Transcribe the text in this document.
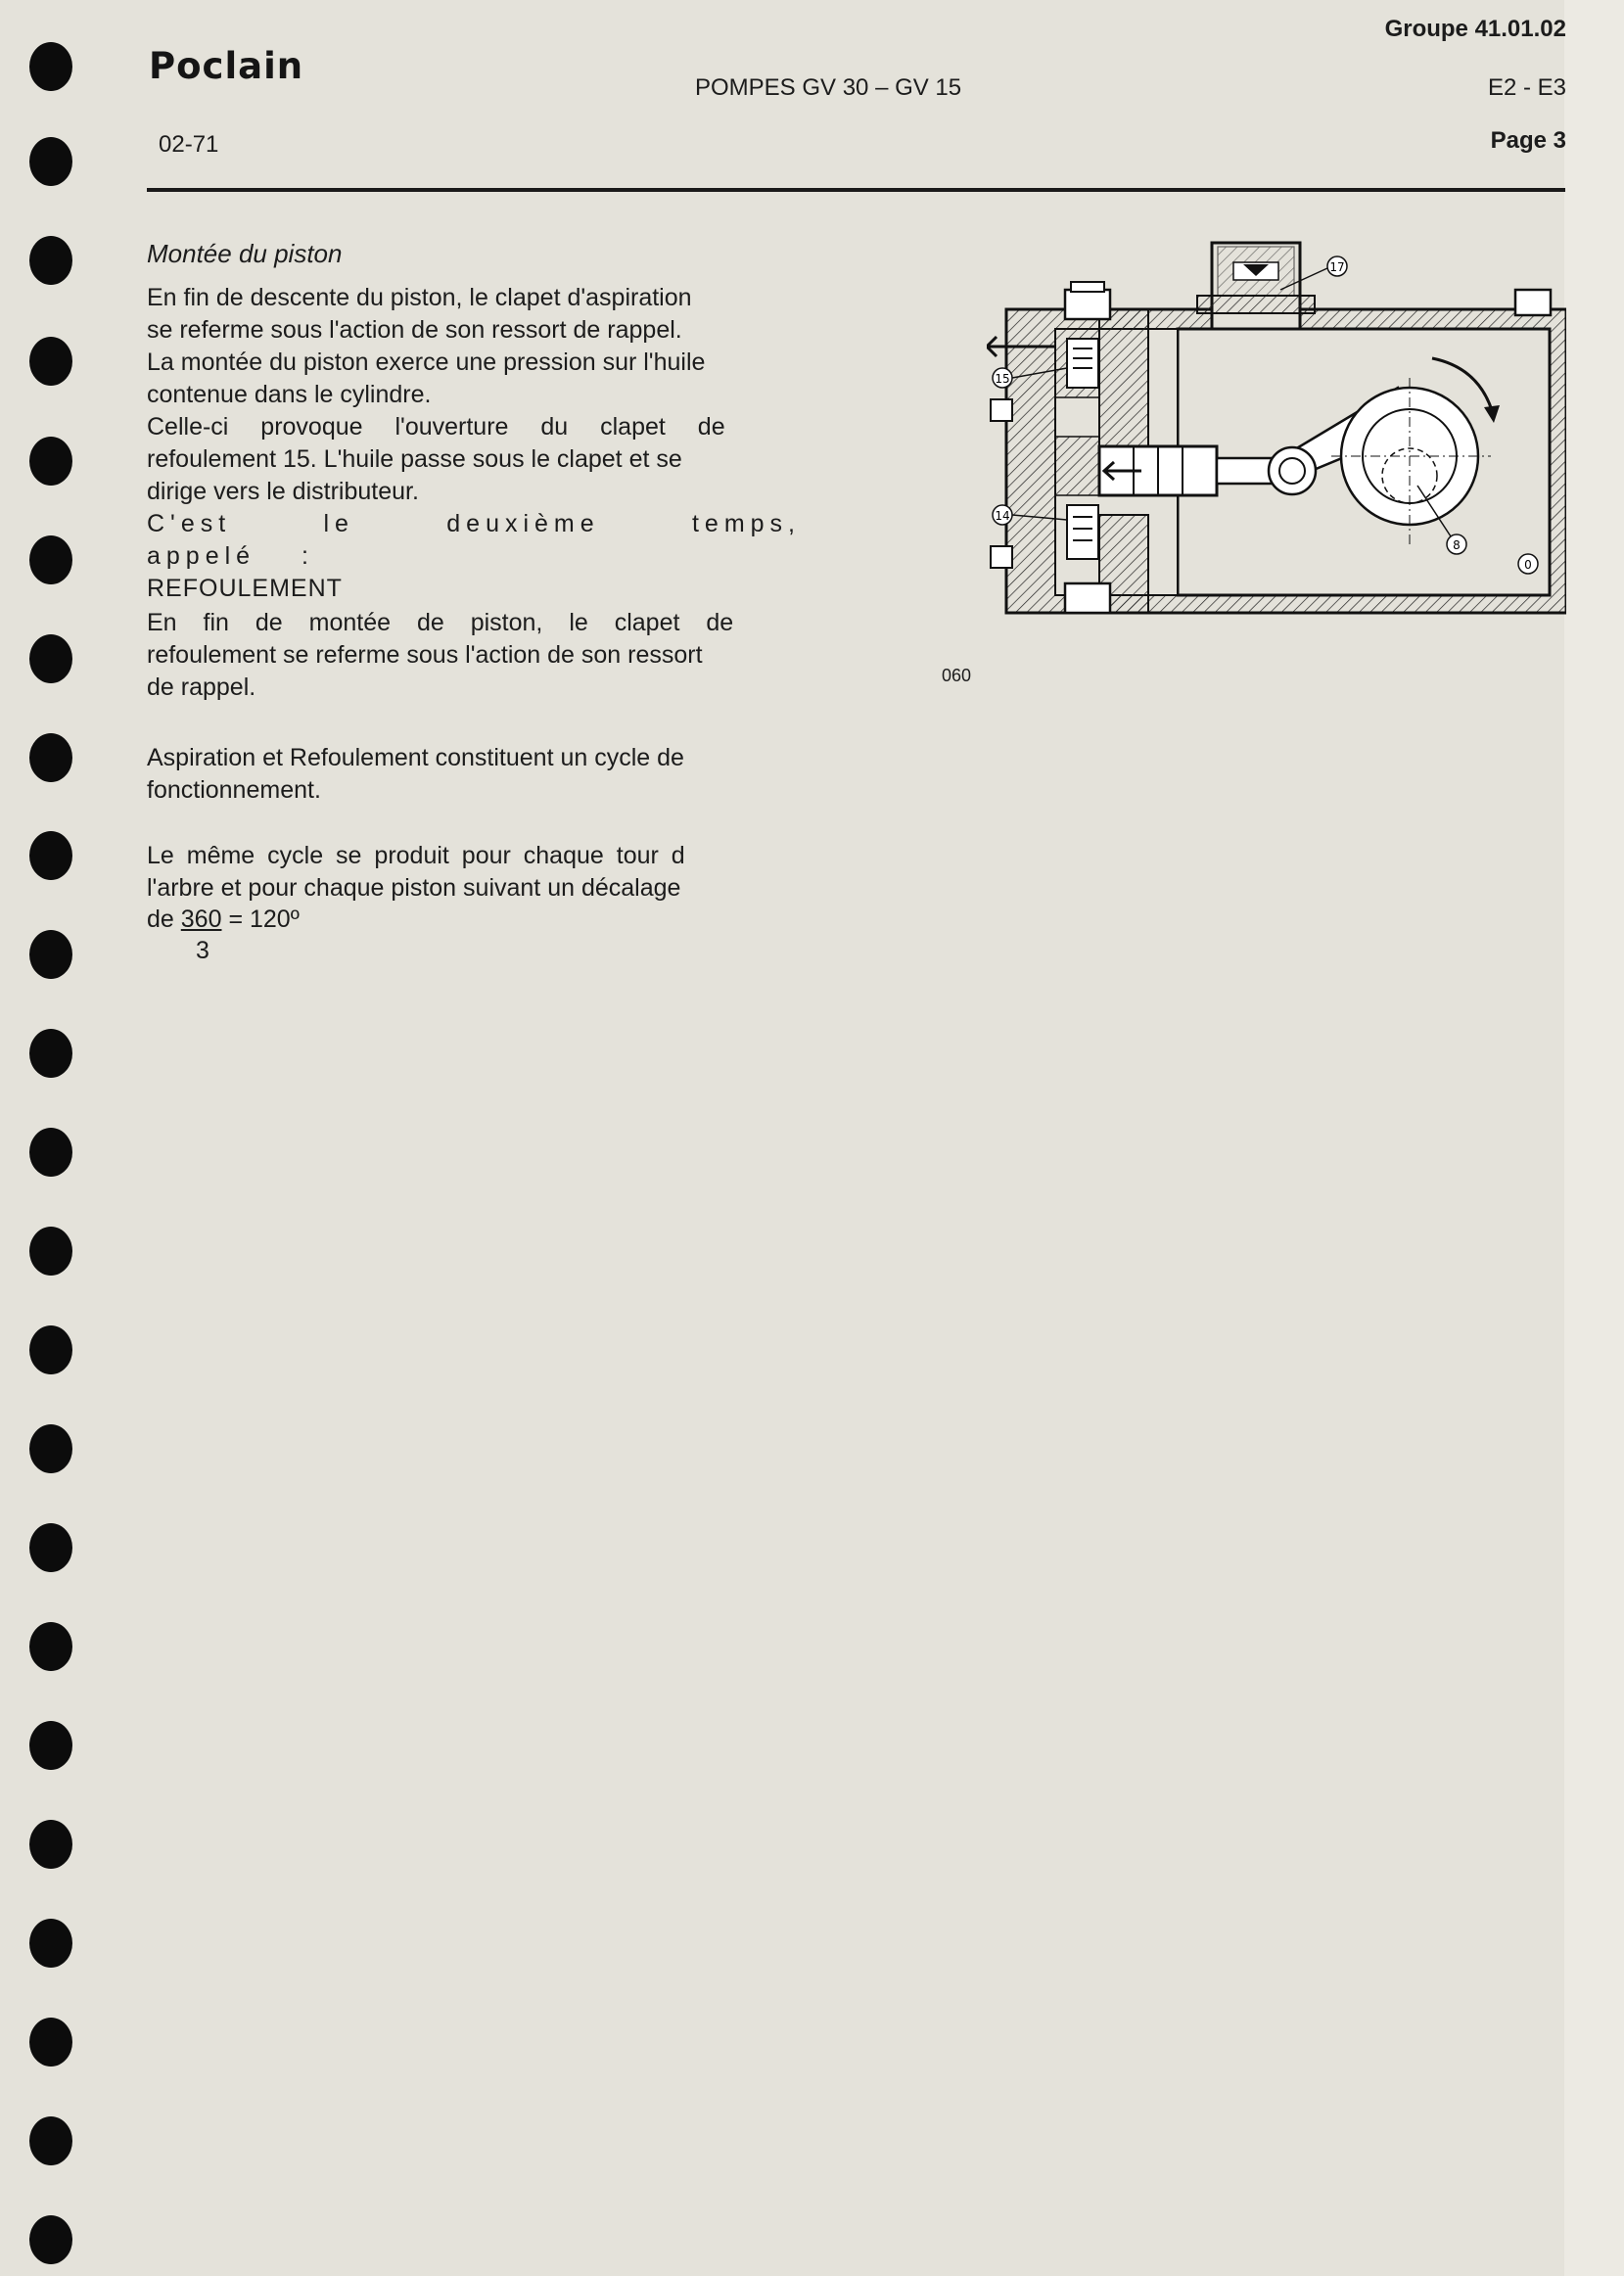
Poclain
02-71
POMPES GV 30 – GV 15
Groupe 41.01.02
E2 - E3
Page 3
Montée du piston
En fin de descente du piston, le clapet d'aspiration
se referme sous l'action de son ressort de rappel.
La montée du piston exerce une pression sur l'huile
contenue dans le cylindre.
Celle-ci provoque l'ouverture du clapet de
refoulement 15. L'huile passe sous le clapet et se
dirige vers le distributeur.
C'est le deuxième temps, appelé :
REFOULEMENT
En fin de montée de piston, le clapet de
refoulement se referme sous l'action de son ressort
de rappel.
Aspiration et Refoulement constituent un cycle de
fonctionnement.
Le même cycle se produit pour chaque tour d
l'arbre et pour chaque piston suivant un décalage
de 360 = 120º
3
17
15
14
8
0
060
